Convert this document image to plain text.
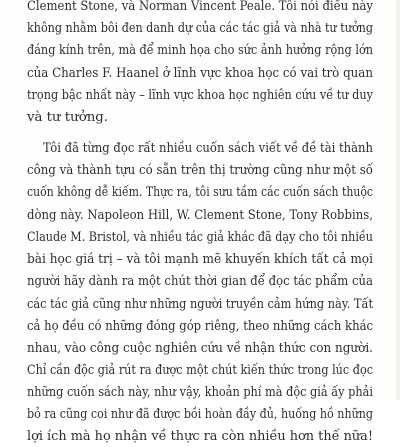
Clement Stone, và Norman Vincent Peale. Tôi nói điều này
không nhằm bôi đen danh dự của các tác giả và nhà tư tưởng
đáng kính trên, mà để minh họa cho sức ảnh hưởng rộng lớn
của Charles F. Haanel ở lĩnh vực khoa học có vai trò quan
trọng bậc nhất này – lĩnh vực khoa học nghiên cứu về tư duy
và tư tưởng.
Tôi đã từng đọc rất nhiều cuốn sách viết về đề tài thành
công và thành tựu có sẵn trên thị trường cũng như một số
cuốn không dễ kiếm. Thực ra, tôi sưu tầm các cuốn sách thuộc
dòng này. Napoleon Hill, W. Clement Stone, Tony Robbins,
Claude M. Bristol, và nhiều tác giả khác đã dạy cho tôi nhiều
bài học giá trị – và tôi mạnh mẽ khuyến khích tất cả mọi
người hãy dành ra một chút thời gian để đọc tác phẩm của
các tác giả cũng như những người truyền cảm hứng này. Tất
cả họ đều có những đóng góp riêng, theo những cách khác
nhau, vào công cuộc nghiên cứu về nhận thức con người.
Chỉ cần độc giả rút ra được một chút kiến thức trong lúc đọc
những cuốn sách này, như vậy, khoản phí mà độc giả ấy phải
bỏ ra cũng coi như đã được bồi hoàn đầy đủ, huống hồ những
lợi ích mà họ nhận về thực ra còn nhiều hơn thế nữa!
